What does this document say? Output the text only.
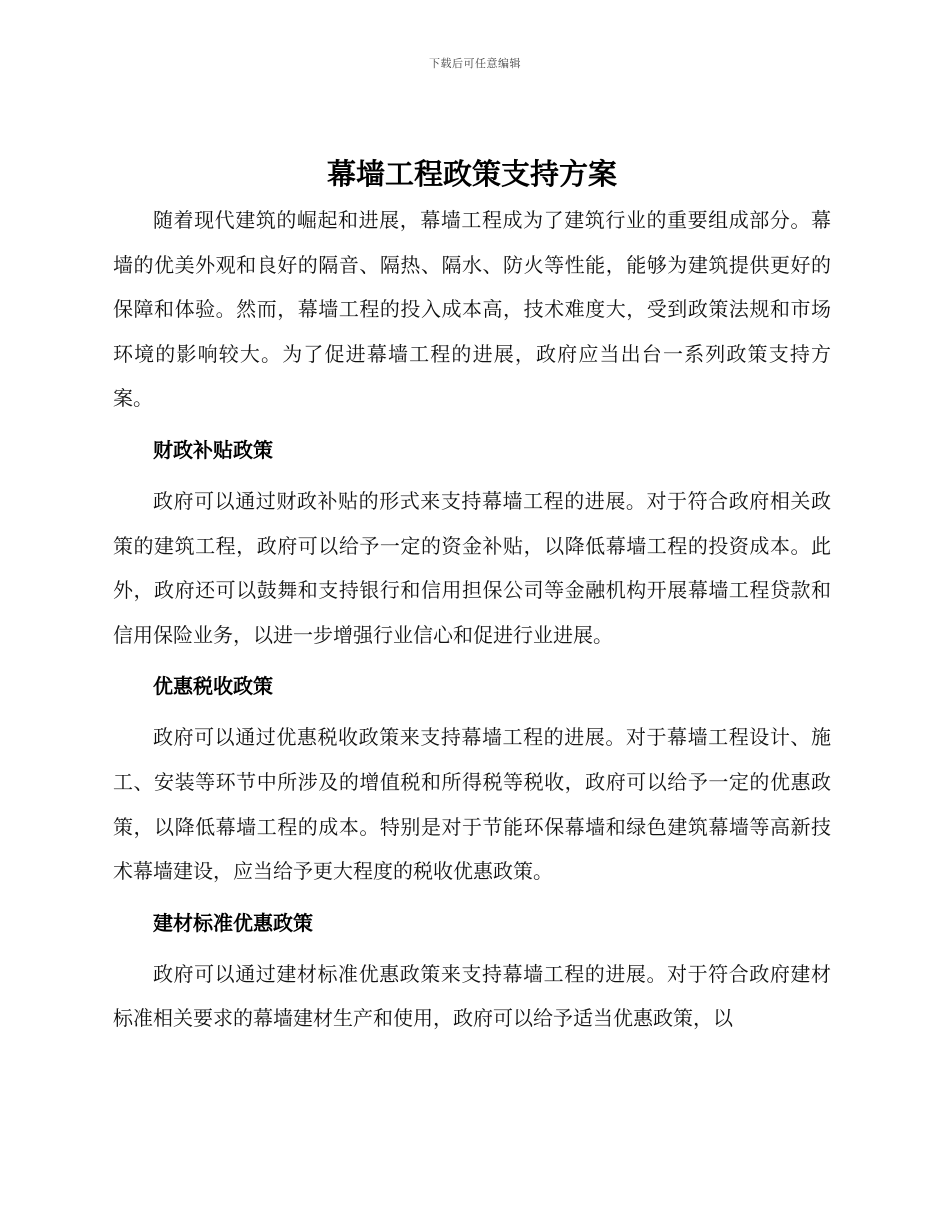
下载后可任意编辑
幕墙工程政策支持方案

随着现代建筑的崛起和进展，幕墙工程成为了建筑行业的重要组成部分。幕墙的优美外观和良好的隔音、隔热、隔水、防火等性能，能够为建筑提供更好的保障和体验。然而，幕墙工程的投入成本高，技术难度大，受到政策法规和市场环境的影响较大。为了促进幕墙工程的进展，政府应当出台一系列政策支持方案。

财政补贴政策

政府可以通过财政补贴的形式来支持幕墙工程的进展。对于符合政府相关政策的建筑工程，政府可以给予一定的资金补贴，以降低幕墙工程的投资成本。此外，政府还可以鼓舞和支持银行和信用担保公司等金融机构开展幕墙工程贷款和信用保险业务，以进一步增强行业信心和促进行业进展。

优惠税收政策

政府可以通过优惠税收政策来支持幕墙工程的进展。对于幕墙工程设计、施工、安装等环节中所涉及的增值税和所得税等税收，政府可以给予一定的优惠政策，以降低幕墙工程的成本。特别是对于节能环保幕墙和绿色建筑幕墙等高新技术幕墙建设，应当给予更大程度的税收优惠政策。

建材标准优惠政策

政府可以通过建材标准优惠政策来支持幕墙工程的进展。对于符合政府建材标准相关要求的幕墙建材生产和使用，政府可以给予适当优惠政策，以
